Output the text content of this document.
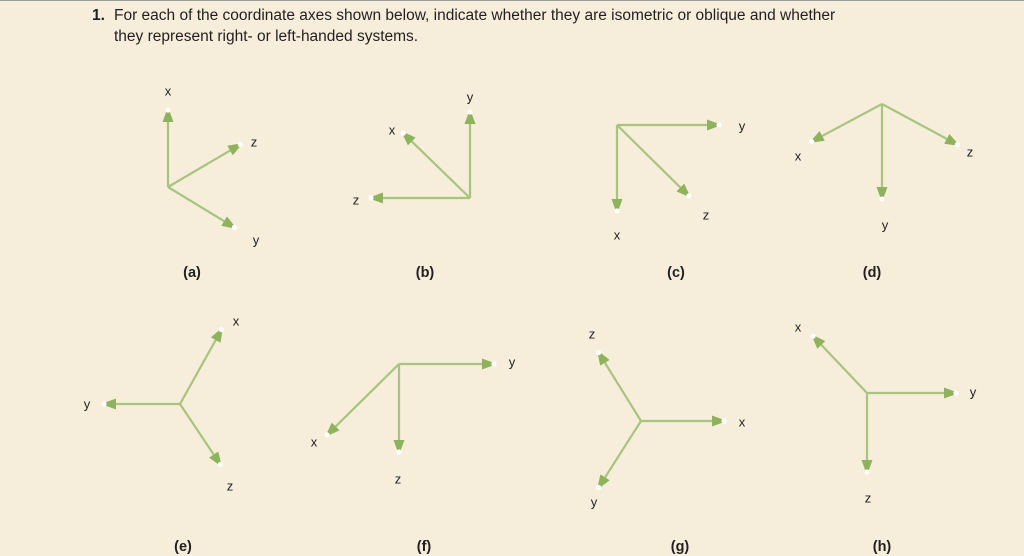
1. For each of the coordinate axes shown below, indicate whether they are isometric or oblique and whether
they represent right- or left-handed systems.
x
z
y
(a)
y
x
z
(b)
y
z
x
(c)
x	z
y
(d)
x
y
z
(e)
y
x
z
(f)
z
x
y
(g)
x
y
z
(h)
